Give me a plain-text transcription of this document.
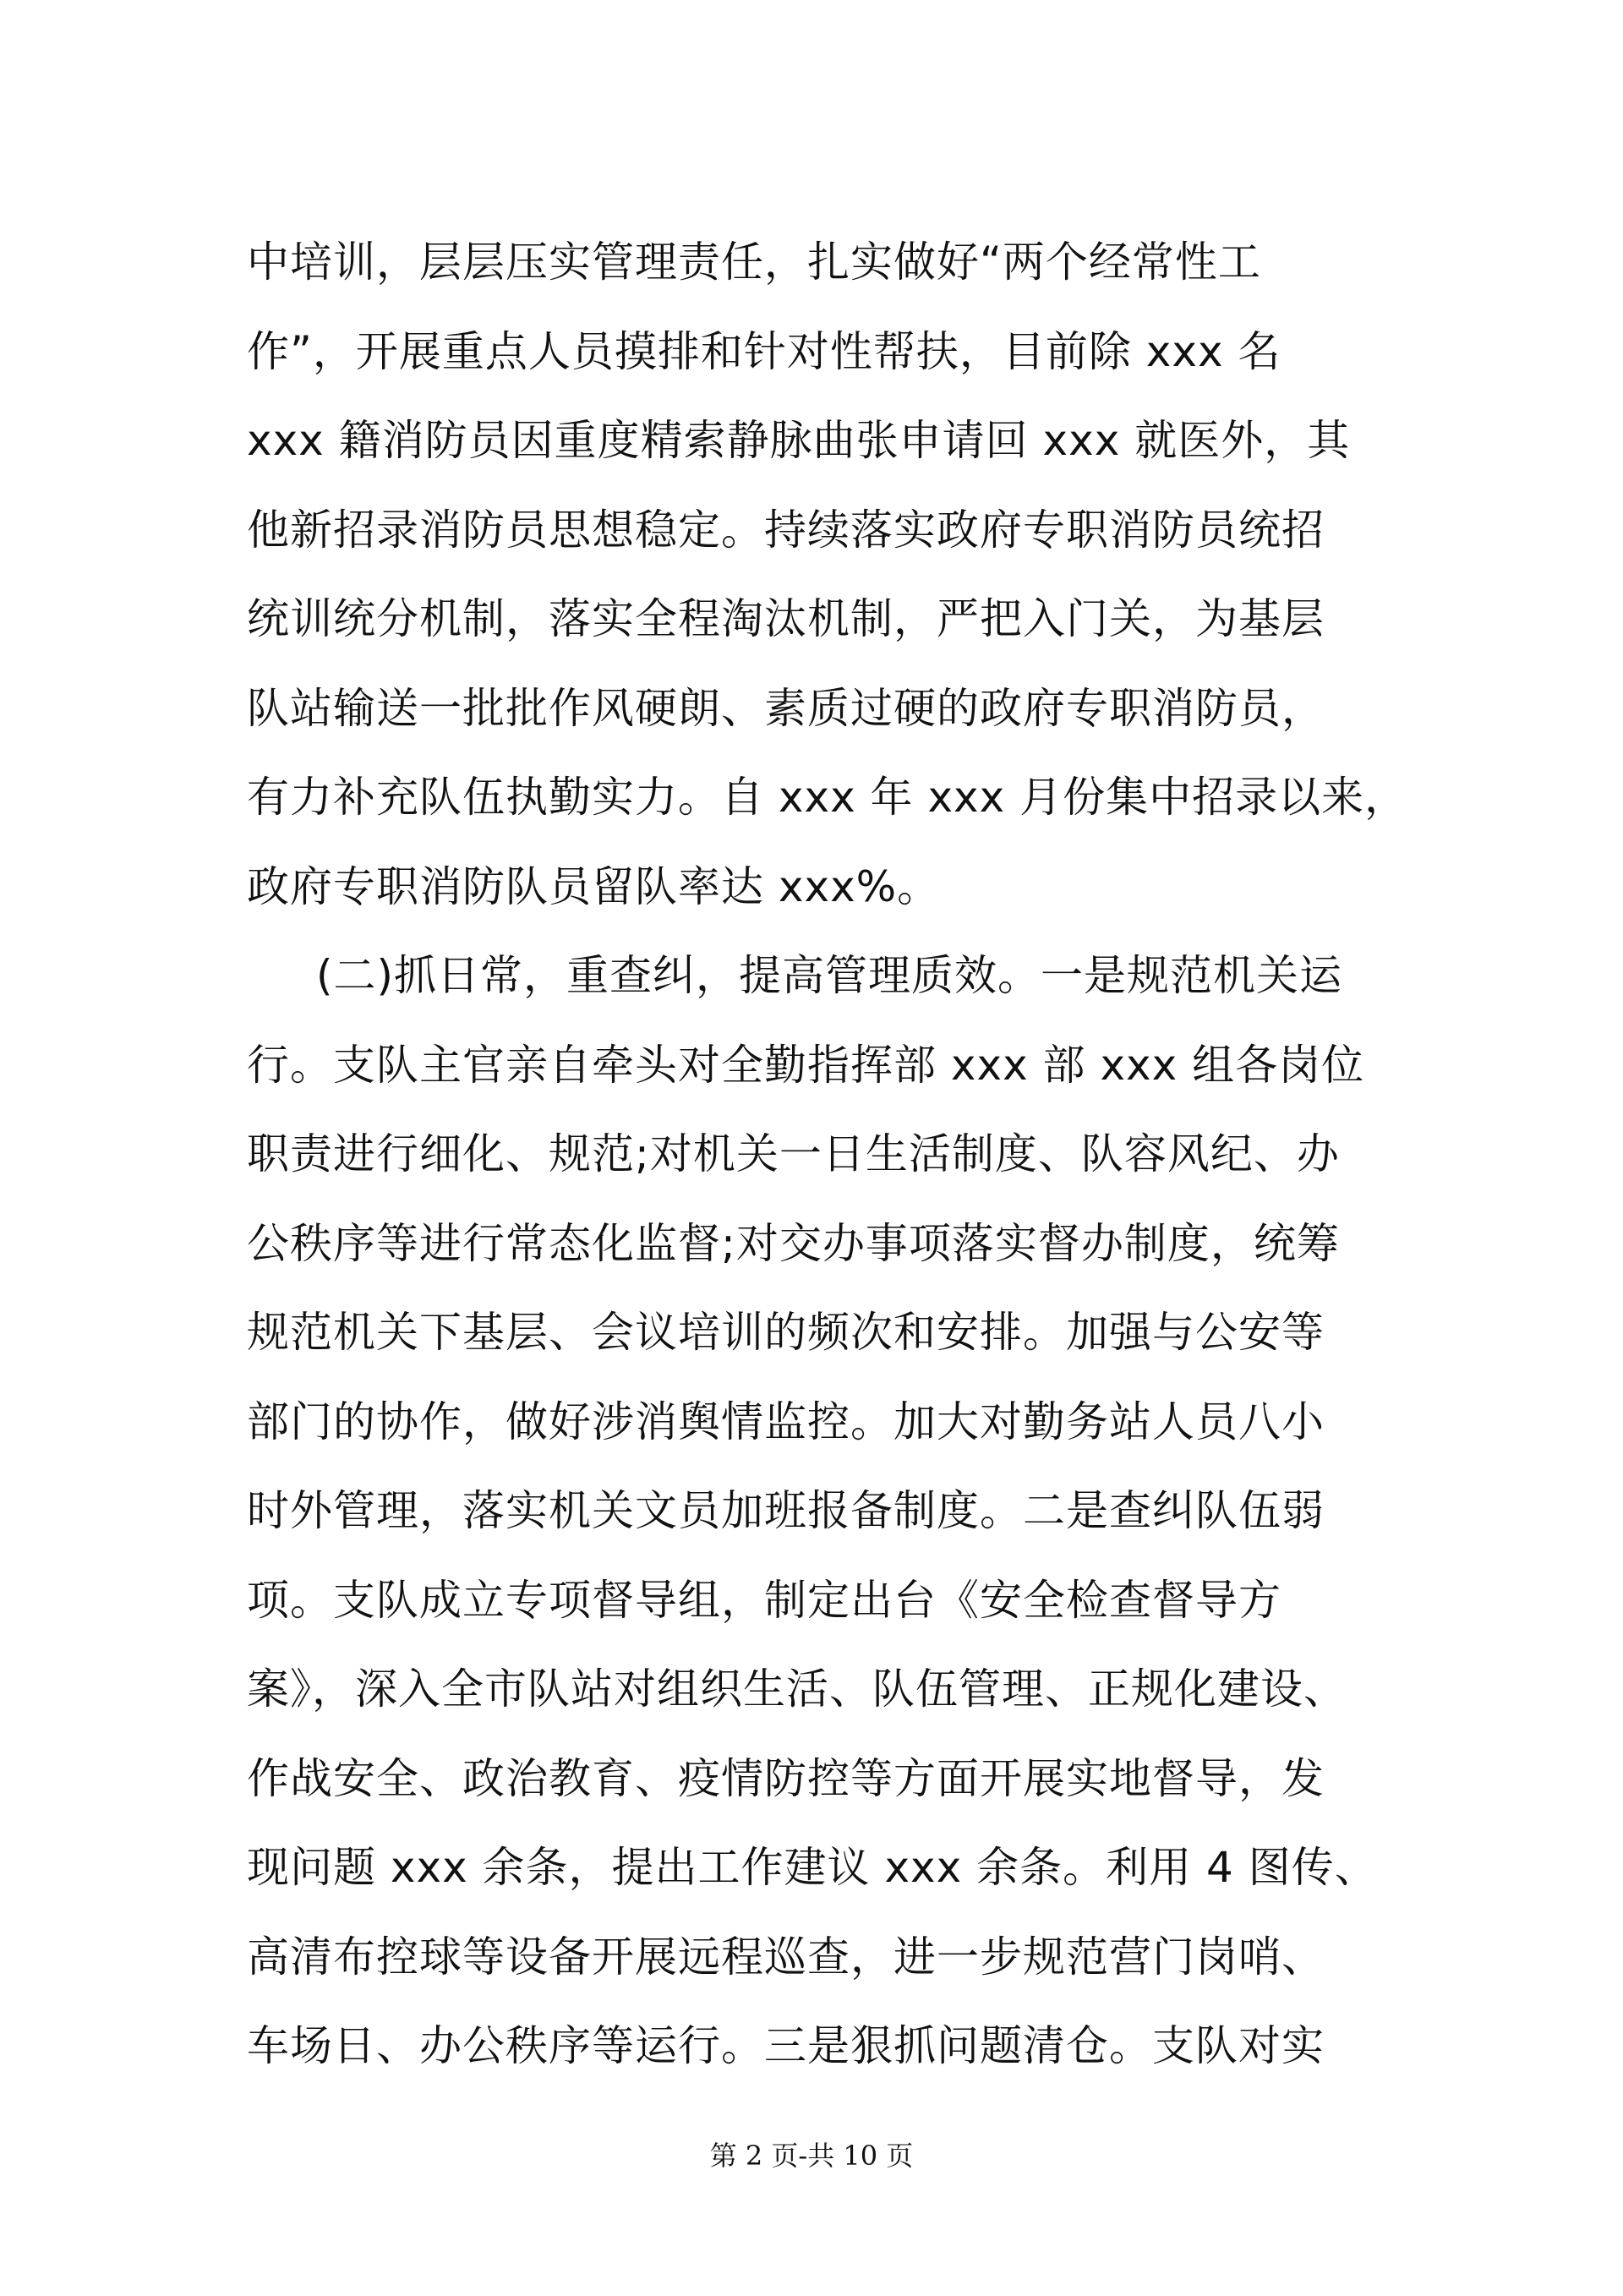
中培训，层层压实管理责任，扎实做好“两个经常性工
作”，开展重点人员摸排和针对性帮扶，目前除 xxx 名
xxx 籍消防员因重度精索静脉曲张申请回 xxx 就医外，其
他新招录消防员思想稳定。持续落实政府专职消防员统招
统训统分机制，落实全程淘汰机制，严把入门关，为基层
队站输送一批批作风硬朗、素质过硬的政府专职消防员，
有力补充队伍执勤实力。自 xxx 年 xxx 月份集中招录以来，
政府专职消防队员留队率达 xxx%。
(二)抓日常，重查纠，提高管理质效。一是规范机关运
行。支队主官亲自牵头对全勤指挥部 xxx 部 xxx 组各岗位
职责进行细化、规范;对机关一日生活制度、队容风纪、办
公秩序等进行常态化监督;对交办事项落实督办制度，统筹
规范机关下基层、会议培训的频次和安排。加强与公安等
部门的协作，做好涉消舆情监控。加大对勤务站人员八小
时外管理，落实机关文员加班报备制度。二是查纠队伍弱
项。支队成立专项督导组，制定出台《安全检查督导方
案》，深入全市队站对组织生活、队伍管理、正规化建设、
作战安全、政治教育、疫情防控等方面开展实地督导，发
现问题 xxx 余条，提出工作建议 xxx 余条。利用 4 图传、
高清布控球等设备开展远程巡查，进一步规范营门岗哨、
车场日、办公秩序等运行。三是狠抓问题清仓。支队对实
第 2 页-共 10 页
